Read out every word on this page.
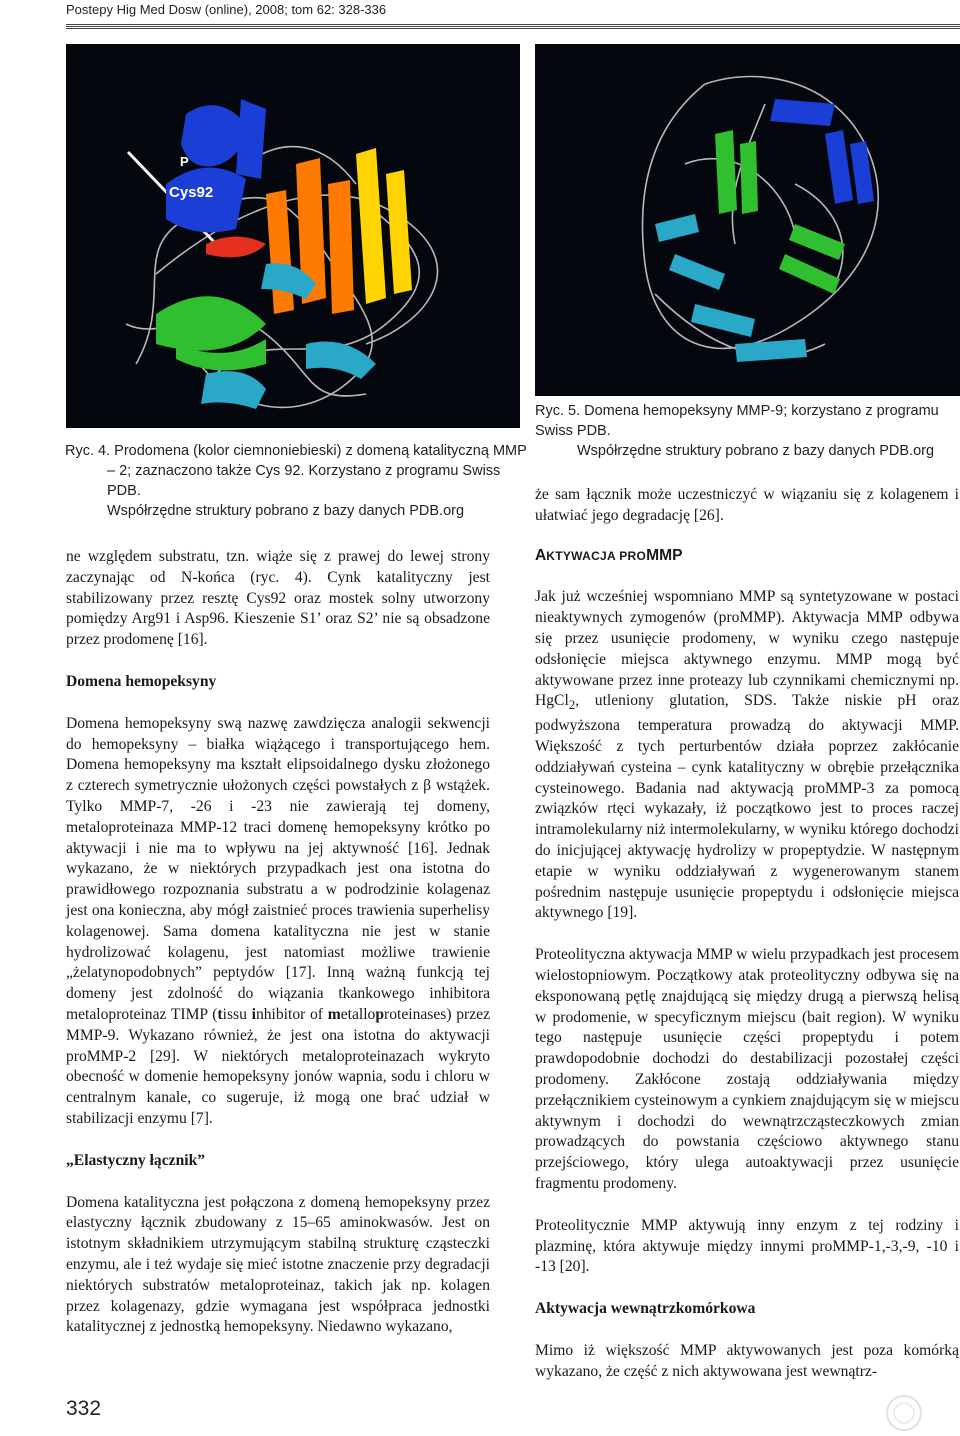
Postepy Hig Med Dosw (online), 2008; tom 62: 328-336
P
Cys92
Ryc. 4. Prodomena (kolor ciemnoniebieski) z domeną katalityczną MMP
– 2; zaznaczono także Cys 92. Korzystano z programu Swiss PDB.
Współrzędne struktury pobrano z bazy danych PDB.org
Ryc. 5. Domena hemopeksyny MMP-9; korzystano z programu Swiss PDB.
Współrzędne struktury pobrano z bazy danych PDB.org

ne względem substratu, tzn. wiąże się z prawej do lewej strony zaczynając od N-końca (ryc. 4). Cynk katalityczny jest stabilizowany przez resztę Cys92 oraz mostek solny utworzony pomiędzy Arg91 i Asp96. Kieszenie S1’ oraz S2’ nie są obsadzone przez prodomenę [16].

Domena hemopeksyny

Domena hemopeksyny swą nazwę zawdzięcza analogii sekwencji do hemopeksyny – białka wiążącego i transportującego hem. Domena hemopeksyny ma kształt elipsoidalnego dysku złożonego z czterech symetrycznie ułożonych części powstałych z β wstążek. Tylko MMP-7, -26 i -23 nie zawierają tej domeny, metaloproteinaza MMP-12 traci domenę hemopeksyny krótko po aktywacji i nie ma to wpływu na jej aktywność [16]. Jednak wykazano, że w niektórych przypadkach jest ona istotna do prawidłowego rozpoznania substratu a w podrodzinie kolagenaz jest ona konieczna, aby mógł zaistnieć proces trawienia superhelisy kolagenowej. Sama domena katalityczna nie jest w stanie hydrolizować kolagenu, jest natomiast możliwe trawienie „żelatynopodobnych” peptydów [17]. Inną ważną funkcją tej domeny jest zdolność do wiązania tkankowego inhibitora metaloproteinaz TIMP (tissu inhibitor of metalloproteinases) przez MMP-9. Wykazano również, że jest ona istotna do aktywacji proMMP-2 [29]. W niektórych metaloproteinazach wykryto obecność w domenie hemopeksyny jonów wapnia, sodu i chloru w centralnym kanale, co sugeruje, iż mogą one brać udział w stabilizacji enzymu [7].

„Elastyczny łącznik”

Domena katalityczna jest połączona z domeną hemopeksyny przez elastyczny łącznik zbudowany z 15–65 aminokwasów. Jest on istotnym składnikiem utrzymującym stabilną strukturę cząsteczki enzymu, ale i też wydaje się mieć istotne znaczenie przy degradacji niektórych substratów metaloproteinaz, takich jak np. kolagen przez kolagenazy, gdzie wymagana jest współpraca jednostki katalitycznej z jednostką hemopeksyny. Niedawno wykazano,

że sam łącznik może uczestniczyć w wiązaniu się z kolagenem i ułatwiać jego degradację [26].

AKTYWACJA PROMMP

Jak już wcześniej wspomniano MMP są syntetyzowane w postaci nieaktywnych zymogenów (proMMP). Aktywacja MMP odbywa się przez usunięcie prodomeny, w wyniku czego następuje odsłonięcie miejsca aktywnego enzymu. MMP mogą być aktywowane przez inne proteazy lub czynnikami chemicznymi np. HgCl$_2$, utleniony glutation, SDS. Także niskie pH oraz podwyższona temperatura prowadzą do aktywacji MMP. Większość z tych perturbentów działa poprzez zakłócanie oddziaływań cysteina – cynk katalityczny w obrębie przełącznika cysteinowego. Badania nad aktywacją proMMP-3 za pomocą związków rtęci wykazały, iż początkowo jest to proces raczej intramolekularny niż intermolekularny, w wyniku którego dochodzi do inicjującej aktywację hydrolizy w propeptydzie. W następnym etapie w wyniku oddziaływań z wygenerowanym stanem pośrednim następuje usunięcie propeptydu i odsłonięcie miejsca aktywnego [19].

Proteolityczna aktywacja MMP w wielu przypadkach jest procesem wielostopniowym. Początkowy atak proteolityczny odbywa się na eksponowaną pętlę znajdującą się między drugą a pierwszą helisą w prodomenie, w specyficznym miejscu (bait region). W wyniku tego następuje usunięcie części propeptydu i potem prawdopodobnie dochodzi do destabilizacji pozostałej części prodomeny. Zakłócone zostają oddziaływania między przełącznikiem cysteinowym a cynkiem znajdującym się w miejscu aktywnym i dochodzi do wewnątrzcząsteczkowych zmian prowadzących do powstania częściowo aktywnego stanu przejściowego, który ulega autoaktywacji przez usunięcie fragmentu prodomeny.

Proteolitycznie MMP aktywują inny enzym z tej rodziny i plazminę, która aktywuje między innymi proMMP-1,-3,-9, -10 i -13 [20].

Aktywacja wewnątrzkomórkowa

Mimo iż większość MMP aktywowanych jest poza komórką wykazano, że część z nich aktywowana jest wewnątrz-

332
